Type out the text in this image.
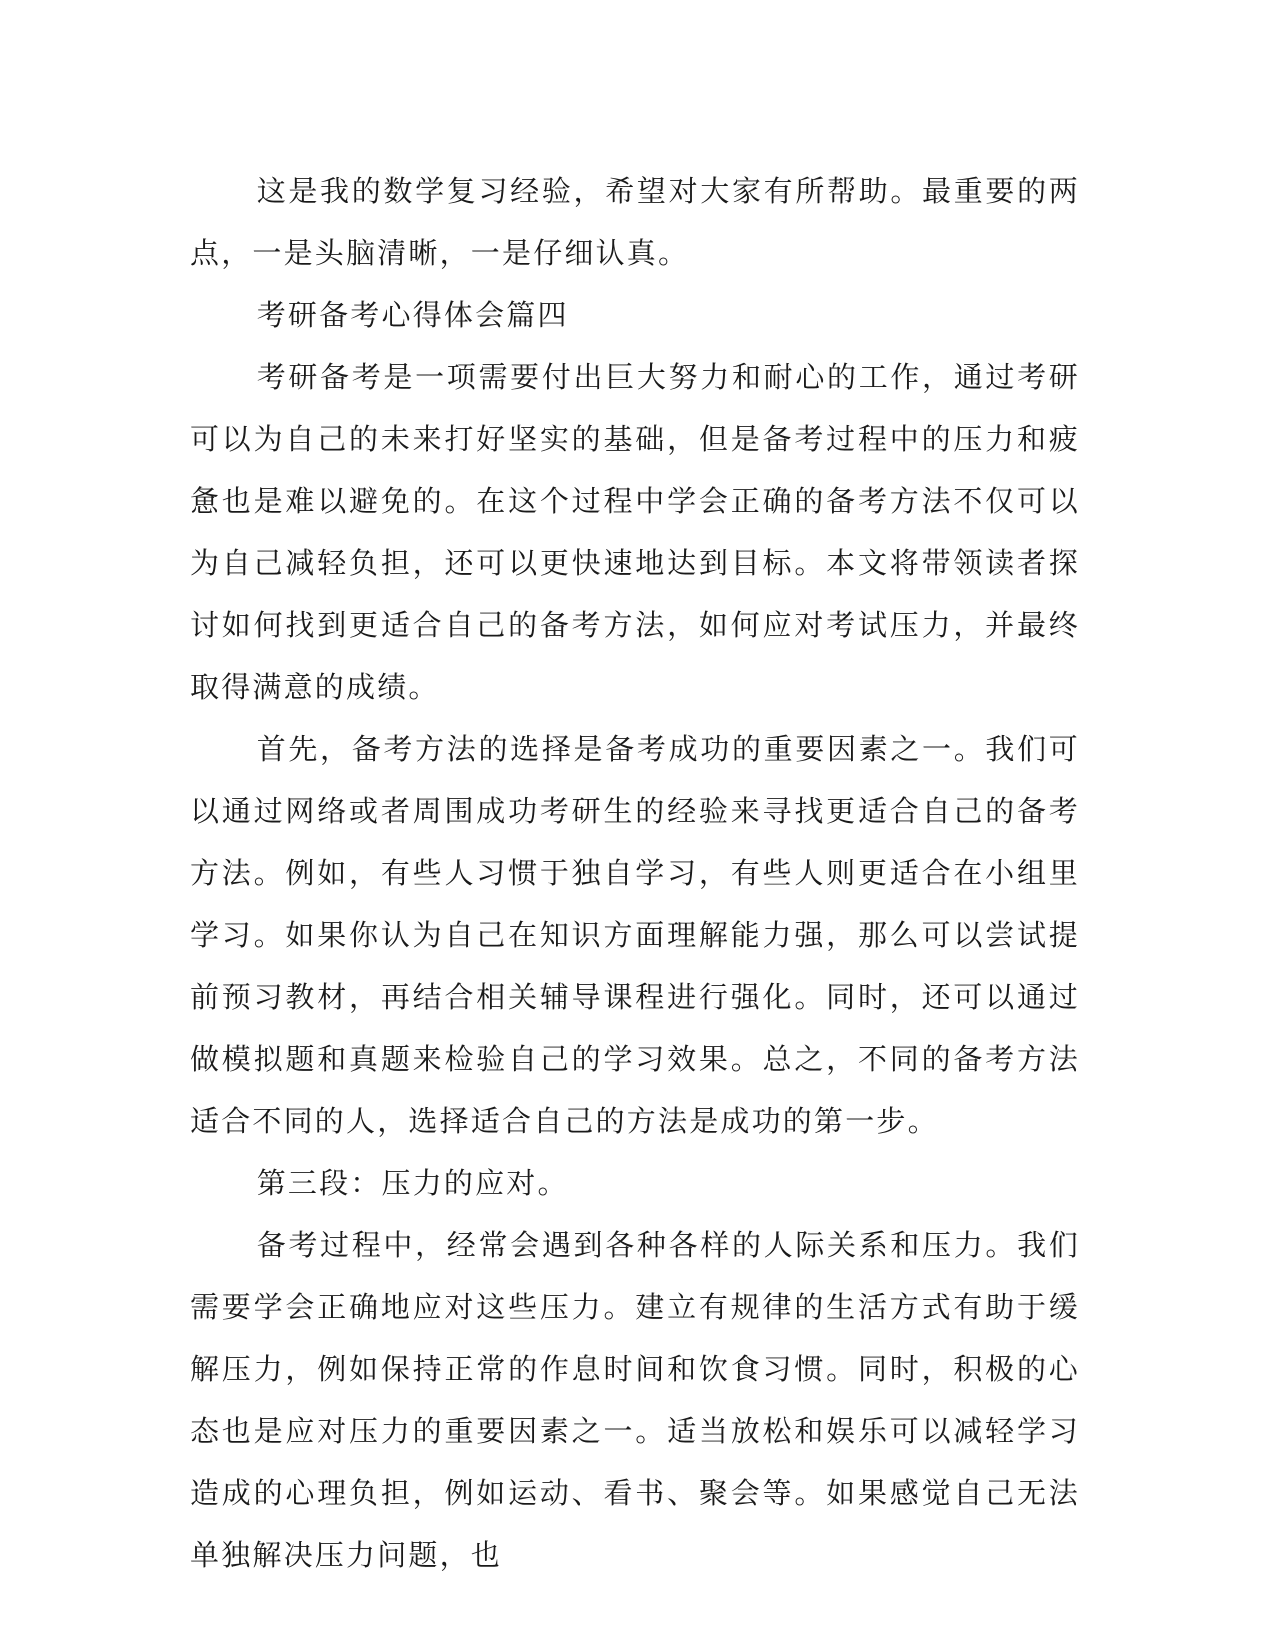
这是我的数学复习经验，希望对大家有所帮助。最重要的两点，一是头脑清晰，一是仔细认真。

考研备考心得体会篇四

考研备考是一项需要付出巨大努力和耐心的工作，通过考研可以为自己的未来打好坚实的基础，但是备考过程中的压力和疲惫也是难以避免的。在这个过程中学会正确的备考方法不仅可以为自己减轻负担，还可以更快速地达到目标。本文将带领读者探讨如何找到更适合自己的备考方法，如何应对考试压力，并最终取得满意的成绩。

首先，备考方法的选择是备考成功的重要因素之一。我们可以通过网络或者周围成功考研生的经验来寻找更适合自己的备考方法。例如，有些人习惯于独自学习，有些人则更适合在小组里学习。如果你认为自己在知识方面理解能力强，那么可以尝试提前预习教材，再结合相关辅导课程进行强化。同时，还可以通过做模拟题和真题来检验自己的学习效果。总之，不同的备考方法适合不同的人，选择适合自己的方法是成功的第一步。

第三段：压力的应对。

备考过程中，经常会遇到各种各样的人际关系和压力。我们需要学会正确地应对这些压力。建立有规律的生活方式有助于缓解压力，例如保持正常的作息时间和饮食习惯。同时，积极的心态也是应对压力的重要因素之一。适当放松和娱乐可以减轻学习造成的心理负担，例如运动、看书、聚会等。如果感觉自己无法单独解决压力问题，也
